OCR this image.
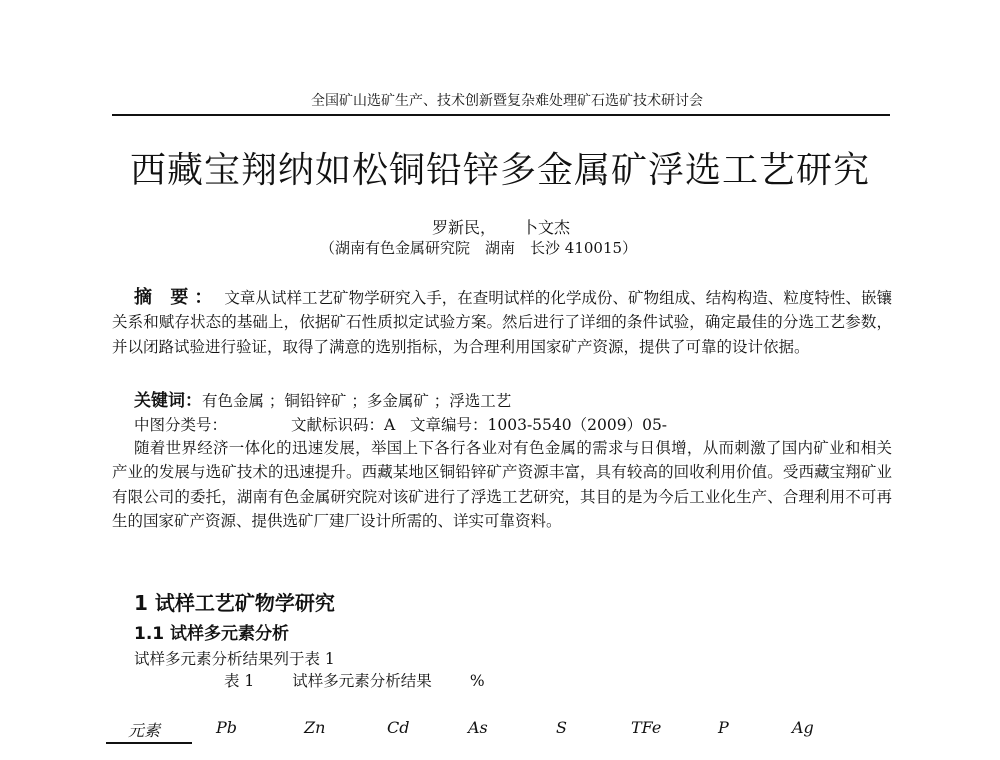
全国矿山选矿生产、技术创新暨复杂难处理矿石选矿技术研讨会
西藏宝翔纳如松铜铅锌多金属矿浮选工艺研究
罗新民， 卜文杰
（湖南有色金属研究院　湖南　长沙 410015）
摘 要： 文章从试样工艺矿物学研究入手，在查明试样的化学成份、矿物组成、结构构造、粒度特性、嵌镶关系和赋存状态的基础上，依据矿石性质拟定试验方案。然后进行了详细的条件试验，确定最佳的分选工艺参数，并以闭路试验进行验证，取得了满意的选别指标，为合理利用国家矿产资源，提供了可靠的设计依据。
关键词：有色金属 ；铜铅锌矿 ；多金属矿 ；浮选工艺
中图分类号：	文献标识码：A 文章编号：1003-5540（2009）05-
随着世界经济一体化的迅速发展，举国上下各行各业对有色金属的需求与日俱增，从而刺激了国内矿业和相关产业的发展与选矿技术的迅速提升。西藏某地区铜铅锌矿产资源丰富，具有较高的回收利用价值。受西藏宝翔矿业有限公司的委托，湖南有色金属研究院对该矿进行了浮选工艺研究，其目的是为今后工业化生产、合理利用不可再生的国家矿产资源、提供选矿厂建厂设计所需的、详实可靠资料。
1 试样工艺矿物学研究
1.1 试样多元素分析
试样多元素分析结果列于表 1
表 1 试样多元素分析结果 %
元素	Pb	Zn	Cd	As	S	TFe	P	Ag
